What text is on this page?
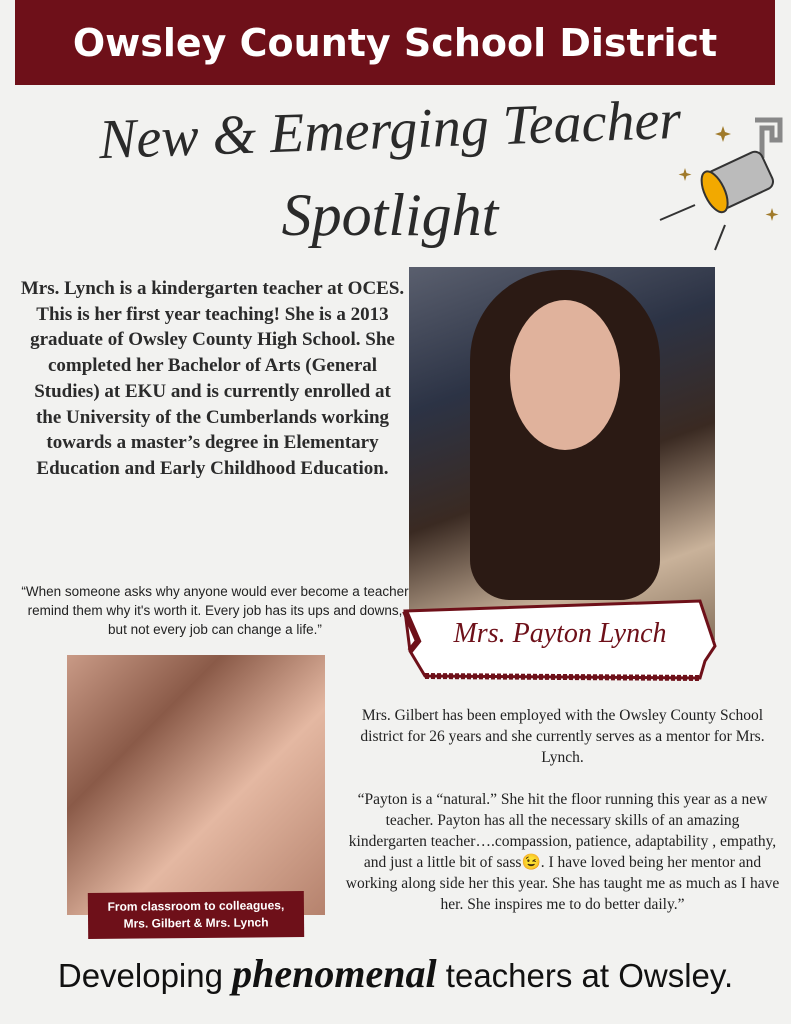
Owsley County School District
New & Emerging Teacher
Spotlight
Mrs. Lynch is a kindergarten teacher at OCES. This is her first year teaching! She is a 2013 graduate of Owsley County High School. She completed her Bachelor of Arts (General Studies) at EKU and is currently enrolled at the University of the Cumberlands working towards a master’s degree in Elementary Education and Early Childhood Education.
“When someone asks why anyone would ever become a teacher remind them why it's worth it. Every job has its ups and downs, but not every job can change a life.”	Mrs. Payton Lynch
From classroom to colleagues,
Mrs. Gilbert & Mrs. Lynch

Mrs. Gilbert has been employed with the Owsley County School district for 26 years and she currently serves as a mentor for Mrs. Lynch.

“Payton is a “natural.” She hit the floor running this year as a new teacher. Payton has all the necessary skills of an amazing kindergarten teacher….compassion, patience, adaptability , empathy, and just a little bit of sass😉. I have loved being her mentor and working along side her this year. She has taught me as much as I have her. She inspires me to do better daily.”

Developing phenomenal teachers at Owsley.
